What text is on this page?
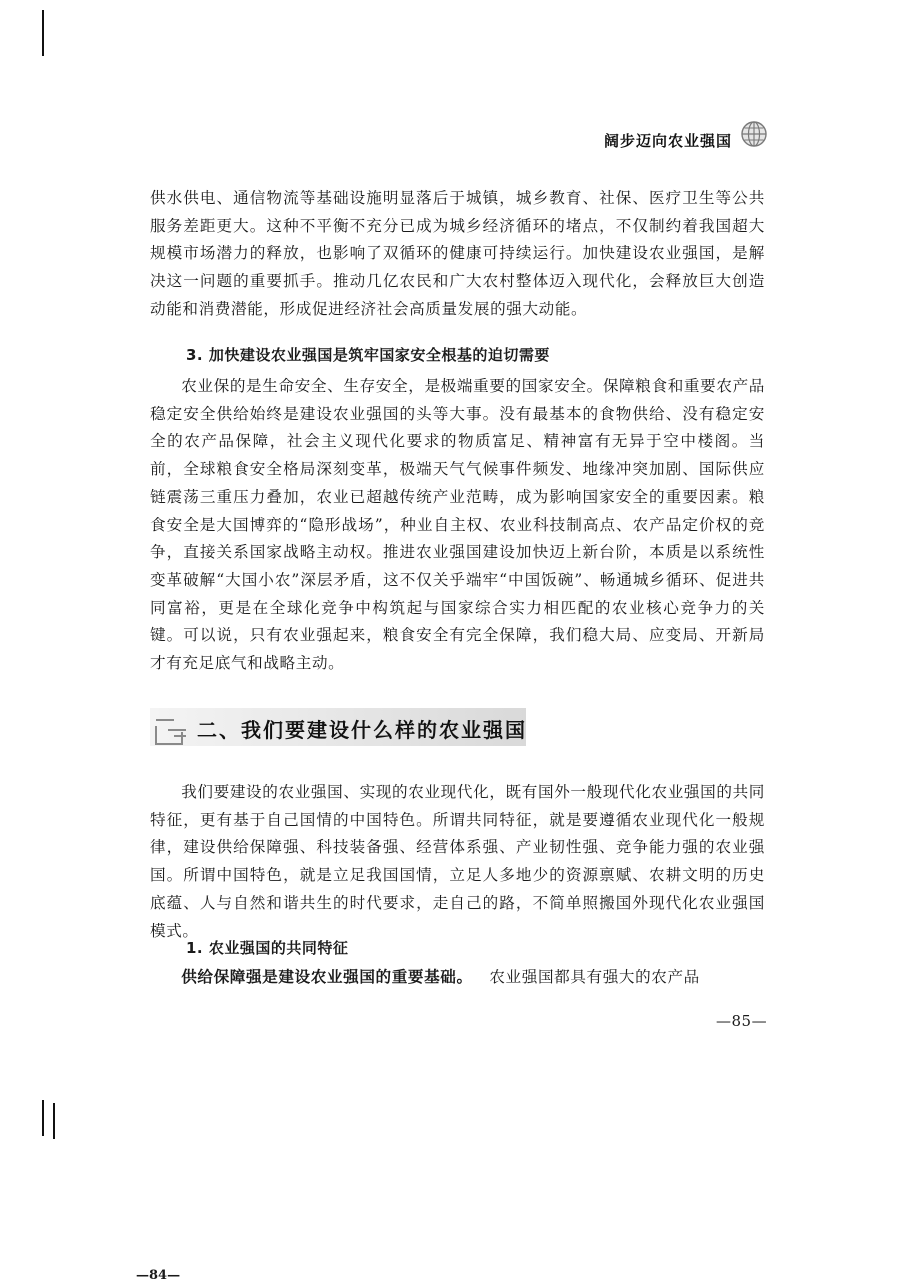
阔步迈向农业强国

供水供电、通信物流等基础设施明显落后于城镇，城乡教育、社保、医疗卫生等公共服务差距更大。这种不平衡不充分已成为城乡经济循环的堵点，不仅制约着我国超大规模市场潜力的释放，也影响了双循环的健康可持续运行。加快建设农业强国，是解决这一问题的重要抓手。推动几亿农民和广大农村整体迈入现代化，会释放巨大创造动能和消费潜能，形成促进经济社会高质量发展的强大动能。

3. 加快建设农业强国是筑牢国家安全根基的迫切需要

农业保的是生命安全、生存安全，是极端重要的国家安全。保障粮食和重要农产品稳定安全供给始终是建设农业强国的头等大事。没有最基本的食物供给、没有稳定安全的农产品保障，社会主义现代化要求的物质富足、精神富有无异于空中楼阁。当前，全球粮食安全格局深刻变革，极端天气气候事件频发、地缘冲突加剧、国际供应链震荡三重压力叠加，农业已超越传统产业范畴，成为影响国家安全的重要因素。粮食安全是大国博弈的“隐形战场”，种业自主权、农业科技制高点、农产品定价权的竞争，直接关系国家战略主动权。推进农业强国建设加快迈上新台阶，本质是以系统性变革破解“大国小农”深层矛盾，这不仅关乎端牢“中国饭碗”、畅通城乡循环、促进共同富裕，更是在全球化竞争中构筑起与国家综合实力相匹配的农业核心竞争力的关键。可以说，只有农业强起来，粮食安全有完全保障，我们稳大局、应变局、开新局才有充足底气和战略主动。

二、我们要建设什么样的农业强国

我们要建设的农业强国、实现的农业现代化，既有国外一般现代化农业强国的共同特征，更有基于自己国情的中国特色。所谓共同特征，就是要遵循农业现代化一般规律，建设供给保障强、科技装备强、经营体系强、产业韧性强、竞争能力强的农业强国。所谓中国特色，就是立足我国国情，立足人多地少的资源禀赋、农耕文明的历史底蕴、人与自然和谐共生的时代要求，走自己的路，不简单照搬国外现代化农业强国模式。

1. 农业强国的共同特征

供给保障强是建设农业强国的重要基础。 农业强国都具有强大的农产品

—85—
—84—
